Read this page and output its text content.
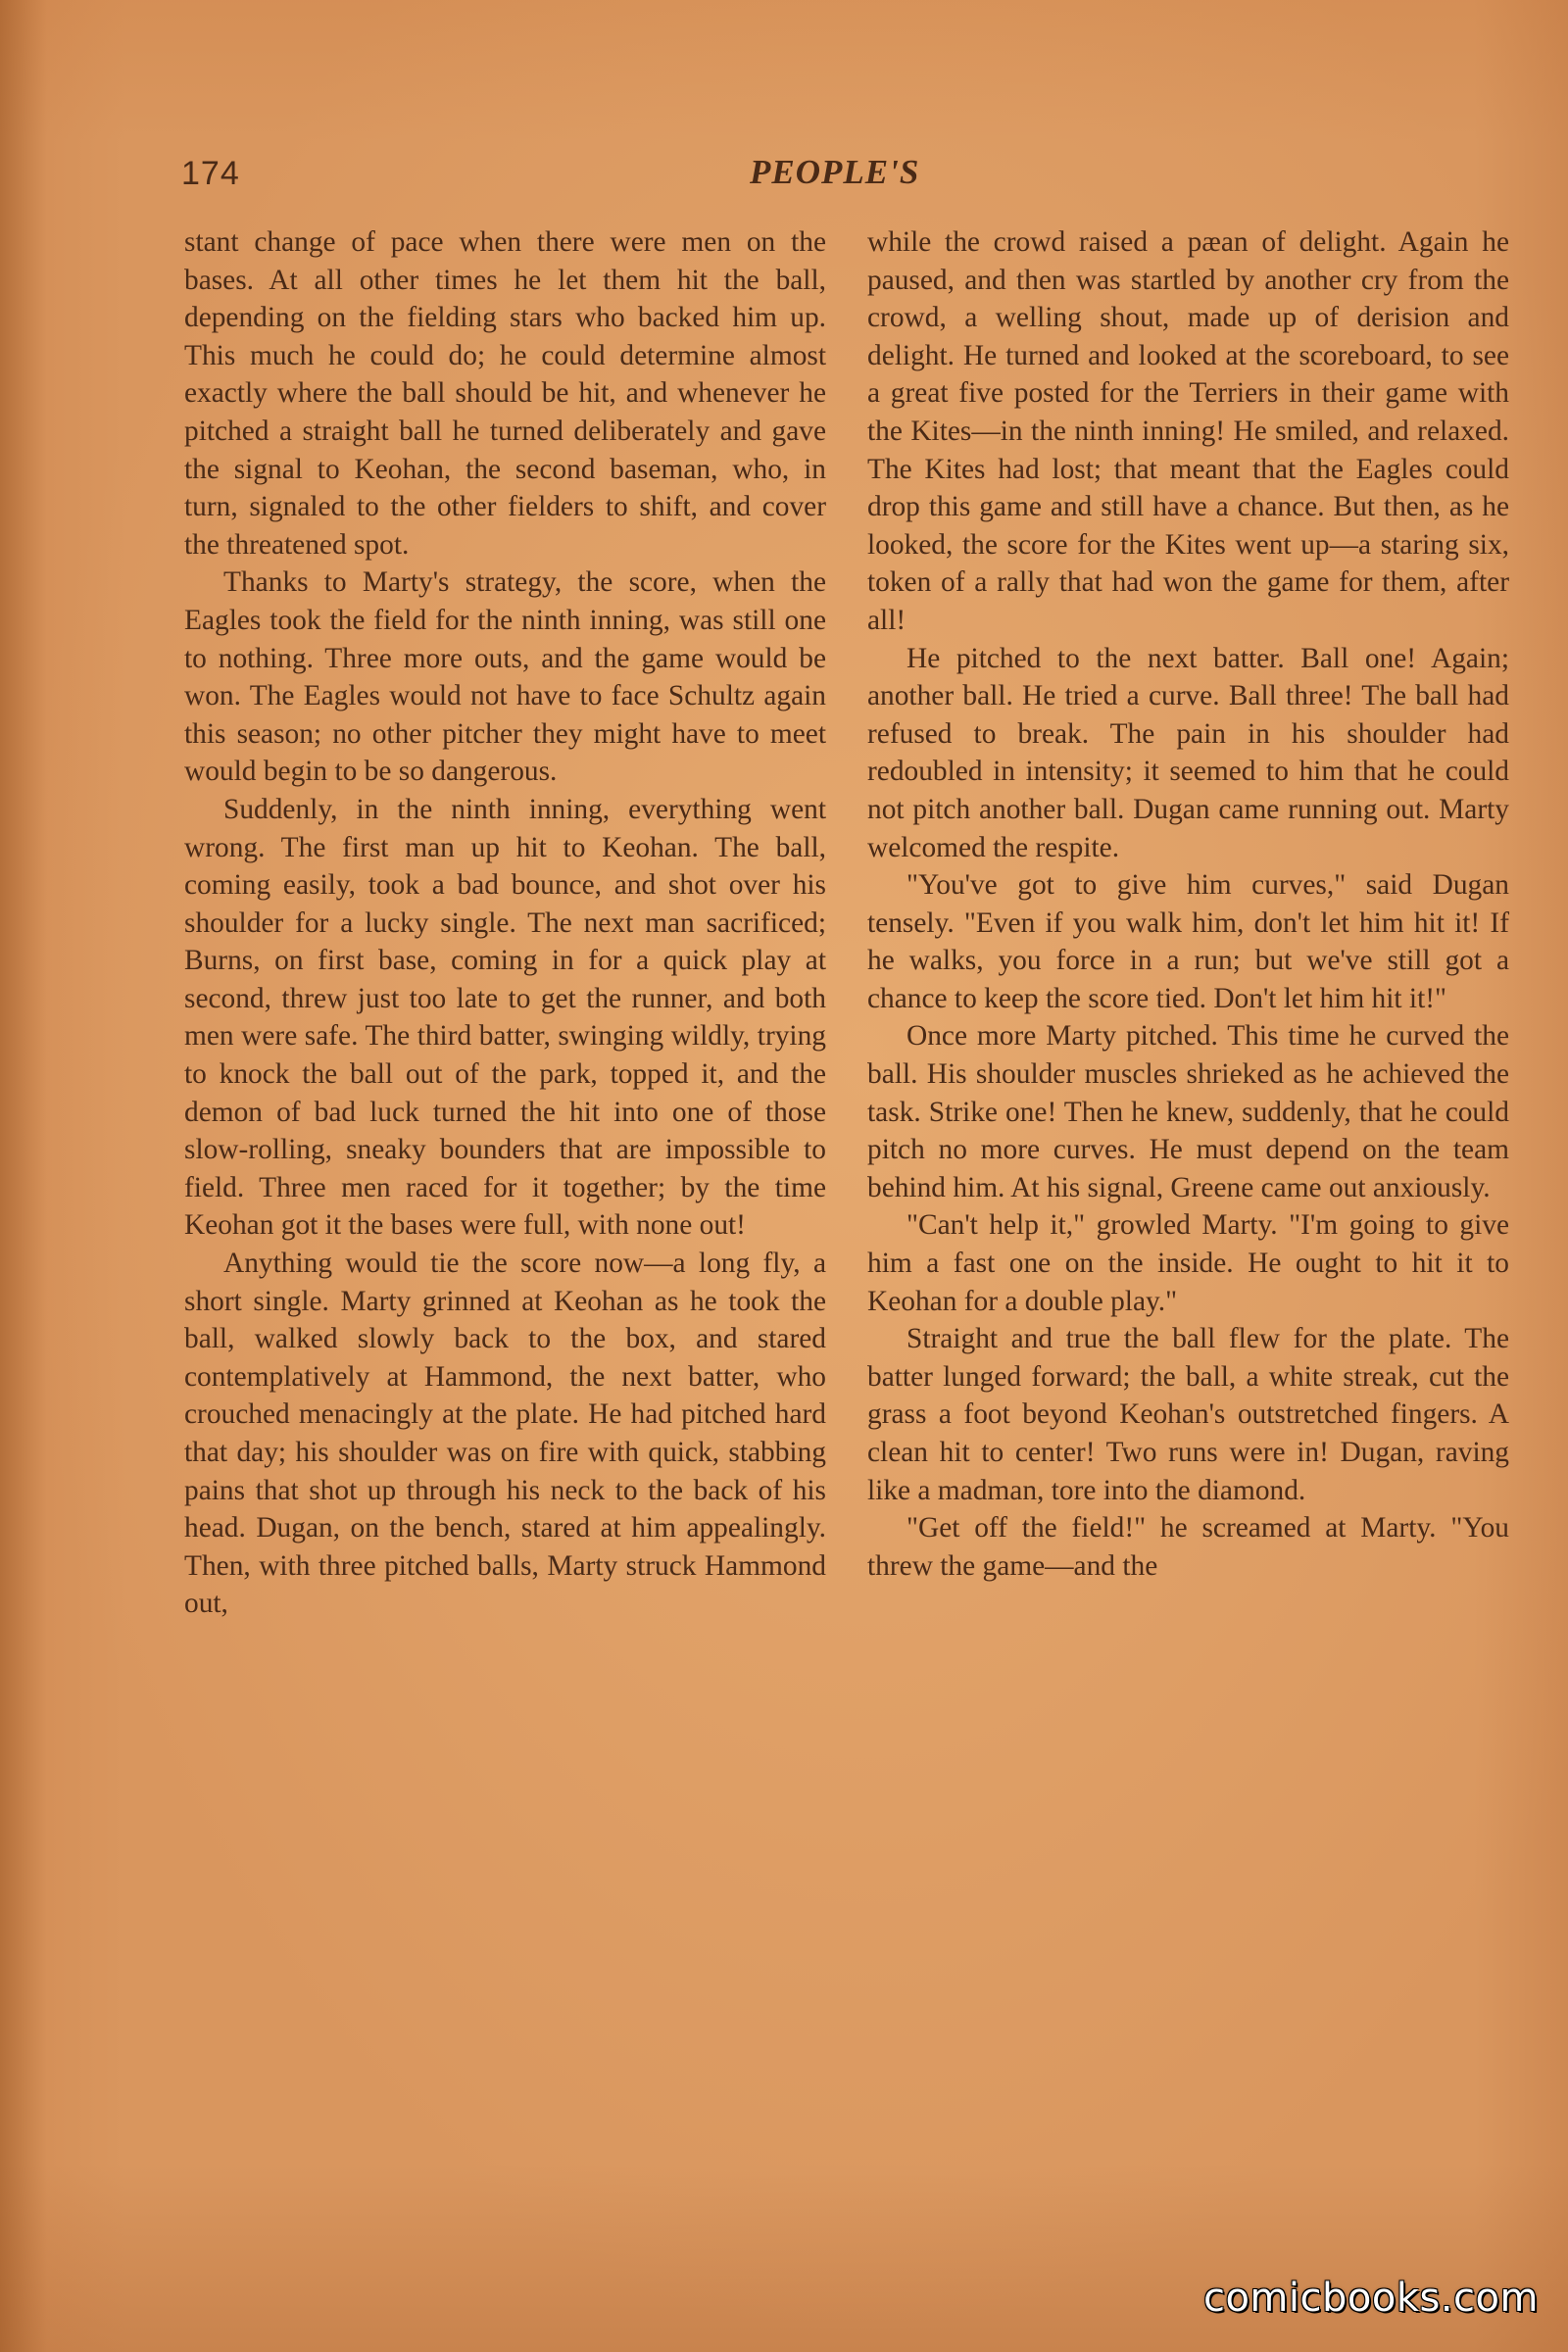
174	PEOPLE'S

stant change of pace when there were men on the bases. At all other times he let them hit the ball, depending on the fielding stars who backed him up. This much he could do; he could determine almost exactly where the ball should be hit, and whenever he pitched a straight ball he turned deliberately and gave the signal to Keohan, the second baseman, who, in turn, signaled to the other fielders to shift, and cover the threatened spot.

Thanks to Marty's strategy, the score, when the Eagles took the field for the ninth inning, was still one to nothing. Three more outs, and the game would be won. The Eagles would not have to face Schultz again this season; no other pitcher they might have to meet would begin to be so dangerous.

Suddenly, in the ninth inning, everything went wrong. The first man up hit to Keohan. The ball, coming easily, took a bad bounce, and shot over his shoulder for a lucky single. The next man sacrificed; Burns, on first base, coming in for a quick play at second, threw just too late to get the runner, and both men were safe. The third batter, swinging wildly, trying to knock the ball out of the park, topped it, and the demon of bad luck turned the hit into one of those slow-rolling, sneaky bounders that are impossible to field. Three men raced for it together; by the time Keohan got it the bases were full, with none out!

Anything would tie the score now—a long fly, a short single. Marty grinned at Keohan as he took the ball, walked slowly back to the box, and stared contemplatively at Hammond, the next batter, who crouched menacingly at the plate. He had pitched hard that day; his shoulder was on fire with quick, stabbing pains that shot up through his neck to the back of his head. Dugan, on the bench, stared at him appealingly. Then, with three pitched balls, Marty struck Hammond out,

while the crowd raised a pæan of delight. Again he paused, and then was startled by another cry from the crowd, a welling shout, made up of derision and delight. He turned and looked at the scoreboard, to see a great five posted for the Terriers in their game with the Kites—in the ninth inning! He smiled, and relaxed. The Kites had lost; that meant that the Eagles could drop this game and still have a chance. But then, as he looked, the score for the Kites went up—a staring six, token of a rally that had won the game for them, after all!

He pitched to the next batter. Ball one! Again; another ball. He tried a curve. Ball three! The ball had refused to break. The pain in his shoulder had redoubled in intensity; it seemed to him that he could not pitch another ball. Dugan came running out. Marty welcomed the respite.

"You've got to give him curves," said Dugan tensely. "Even if you walk him, don't let him hit it! If he walks, you force in a run; but we've still got a chance to keep the score tied. Don't let him hit it!"

Once more Marty pitched. This time he curved the ball. His shoulder muscles shrieked as he achieved the task. Strike one! Then he knew, suddenly, that he could pitch no more curves. He must depend on the team behind him. At his signal, Greene came out anxiously.

"Can't help it," growled Marty. "I'm going to give him a fast one on the inside. He ought to hit it to Keohan for a double play."

Straight and true the ball flew for the plate. The batter lunged forward; the ball, a white streak, cut the grass a foot beyond Keohan's outstretched fingers. A clean hit to center! Two runs were in! Dugan, raving like a madman, tore into the diamond.

"Get off the field!" he screamed at Marty. "You threw the game—and the

comicbooks.com
